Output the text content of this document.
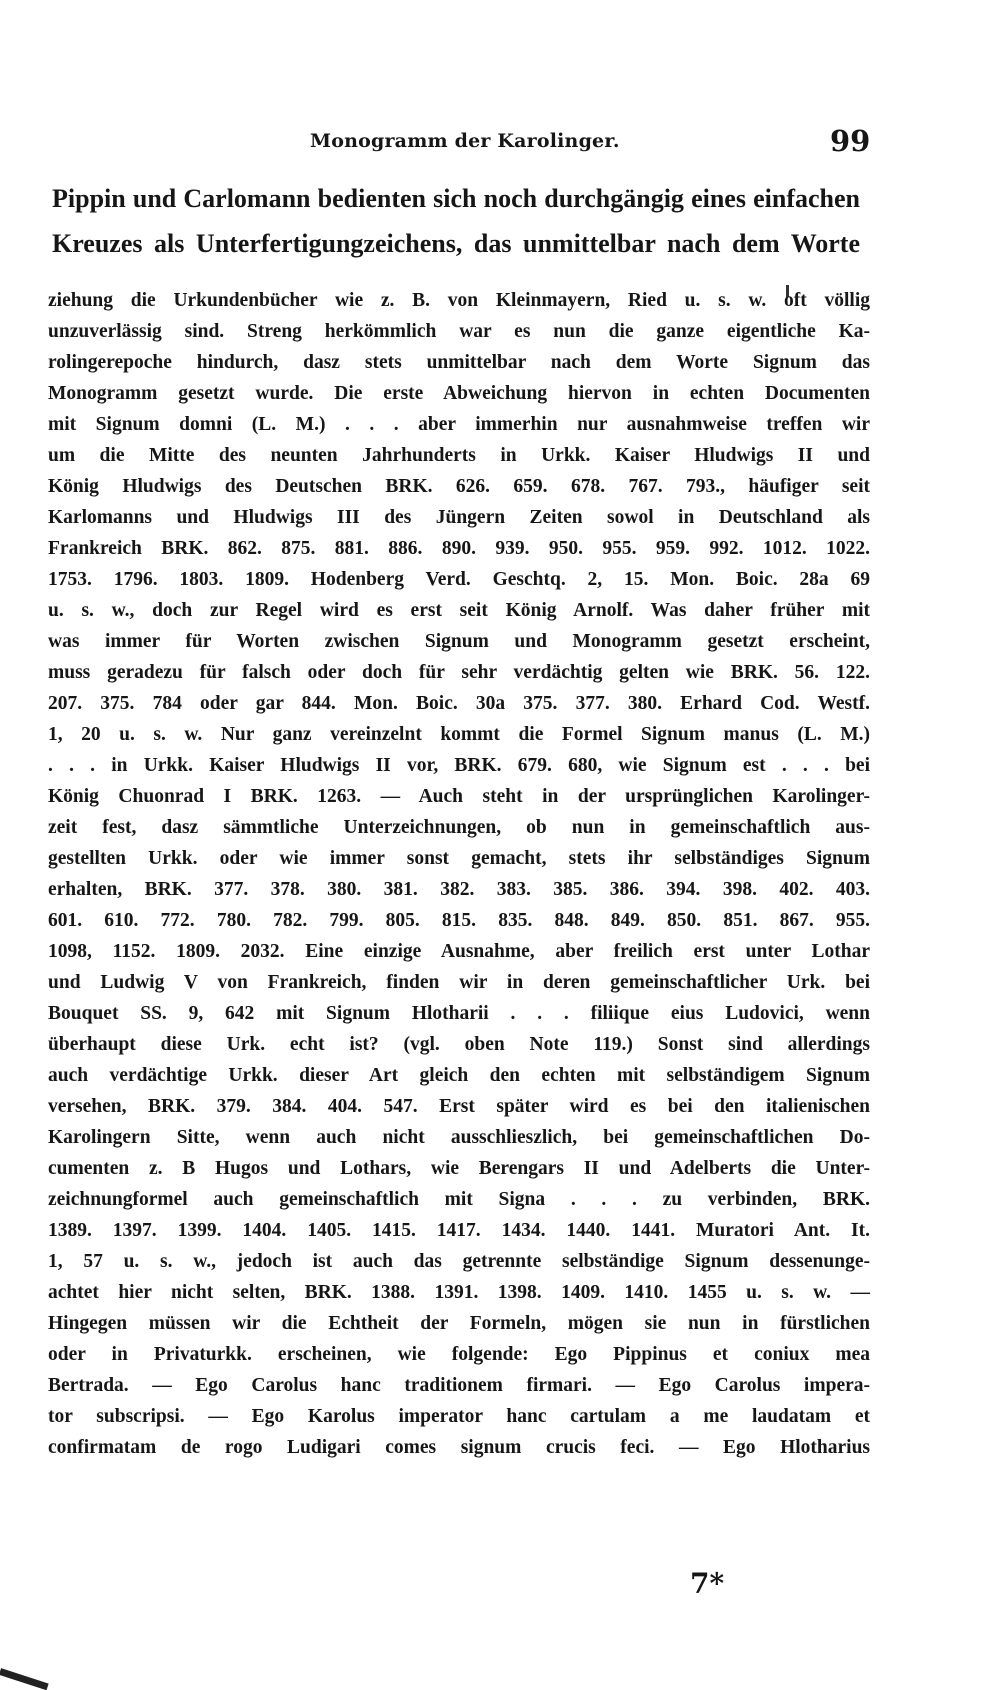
Monogramm der Karolinger.	99
Pippin und Carlomann bedienten sich noch durchgängig eines einfachen
Kreuzes als Unterfertigungzeichens, das unmittelbar nach dem Worte
ziehung die Urkundenbücher wie z. B. von Kleinmayern, Ried u. s. w. oft völlig
unzuverlässig sind. Streng herkömmlich war es nun die ganze eigentliche Ka-
rolingerepoche hindurch, dasz stets unmittelbar nach dem Worte Signum das
Monogramm gesetzt wurde. Die erste Abweichung hiervon in echten Documenten
mit Signum domni (L. M.) . . . aber immerhin nur ausnahmweise treffen wir
um die Mitte des neunten Jahrhunderts in Urkk. Kaiser Hludwigs II und
König Hludwigs des Deutschen BRK. 626. 659. 678. 767. 793., häufiger seit
Karlomanns und Hludwigs III des Jüngern Zeiten sowol in Deutschland als
Frankreich BRK. 862. 875. 881. 886. 890. 939. 950. 955. 959. 992. 1012. 1022.
1753. 1796. 1803. 1809. Hodenberg Verd. Geschtq. 2, 15. Mon. Boic. 28a 69
u. s. w., doch zur Regel wird es erst seit König Arnolf. Was daher früher mit
was immer für Worten zwischen Signum und Monogramm gesetzt erscheint,
muss geradezu für falsch oder doch für sehr verdächtig gelten wie BRK. 56. 122.
207. 375. 784 oder gar 844. Mon. Boic. 30a 375. 377. 380. Erhard Cod. Westf.
1, 20 u. s. w. Nur ganz vereinzelnt kommt die Formel Signum manus (L. M.)
. . . in Urkk. Kaiser Hludwigs II vor, BRK. 679. 680, wie Signum est . . . bei
König Chuonrad I BRK. 1263. — Auch steht in der ursprünglichen Karolinger-
zeit fest, dasz sämmtliche Unterzeichnungen, ob nun in gemeinschaftlich aus-
gestellten Urkk. oder wie immer sonst gemacht, stets ihr selbständiges Signum
erhalten, BRK. 377. 378. 380. 381. 382. 383. 385. 386. 394. 398. 402. 403.
601. 610. 772. 780. 782. 799. 805. 815. 835. 848. 849. 850. 851. 867. 955.
1098, 1152. 1809. 2032. Eine einzige Ausnahme, aber freilich erst unter Lothar
und Ludwig V von Frankreich, finden wir in deren gemeinschaftlicher Urk. bei
Bouquet SS. 9, 642 mit Signum Hlotharii . . . filiique eius Ludovici, wenn
überhaupt diese Urk. echt ist? (vgl. oben Note 119.) Sonst sind allerdings
auch verdächtige Urkk. dieser Art gleich den echten mit selbständigem Signum
versehen, BRK. 379. 384. 404. 547. Erst später wird es bei den italienischen
Karolingern Sitte, wenn auch nicht ausschlieszlich, bei gemeinschaftlichen Do-
cumenten z. B Hugos und Lothars, wie Berengars II und Adelberts die Unter-
zeichnungformel auch gemeinschaftlich mit Signa . . . zu verbinden, BRK.
1389. 1397. 1399. 1404. 1405. 1415. 1417. 1434. 1440. 1441. Muratori Ant. It.
1, 57 u. s. w., jedoch ist auch das getrennte selbständige Signum dessenunge-
achtet hier nicht selten, BRK. 1388. 1391. 1398. 1409. 1410. 1455 u. s. w. —
Hingegen müssen wir die Echtheit der Formeln, mögen sie nun in fürstlichen
oder in Privaturkk. erscheinen, wie folgende: Ego Pippinus et coniux mea
Bertrada. — Ego Carolus hanc traditionem firmari. — Ego Carolus impera-
tor subscripsi. — Ego Karolus imperator hanc cartulam a me laudatam et
confirmatam de rogo Ludigari comes signum crucis feci. — Ego Hlotharius
7*
